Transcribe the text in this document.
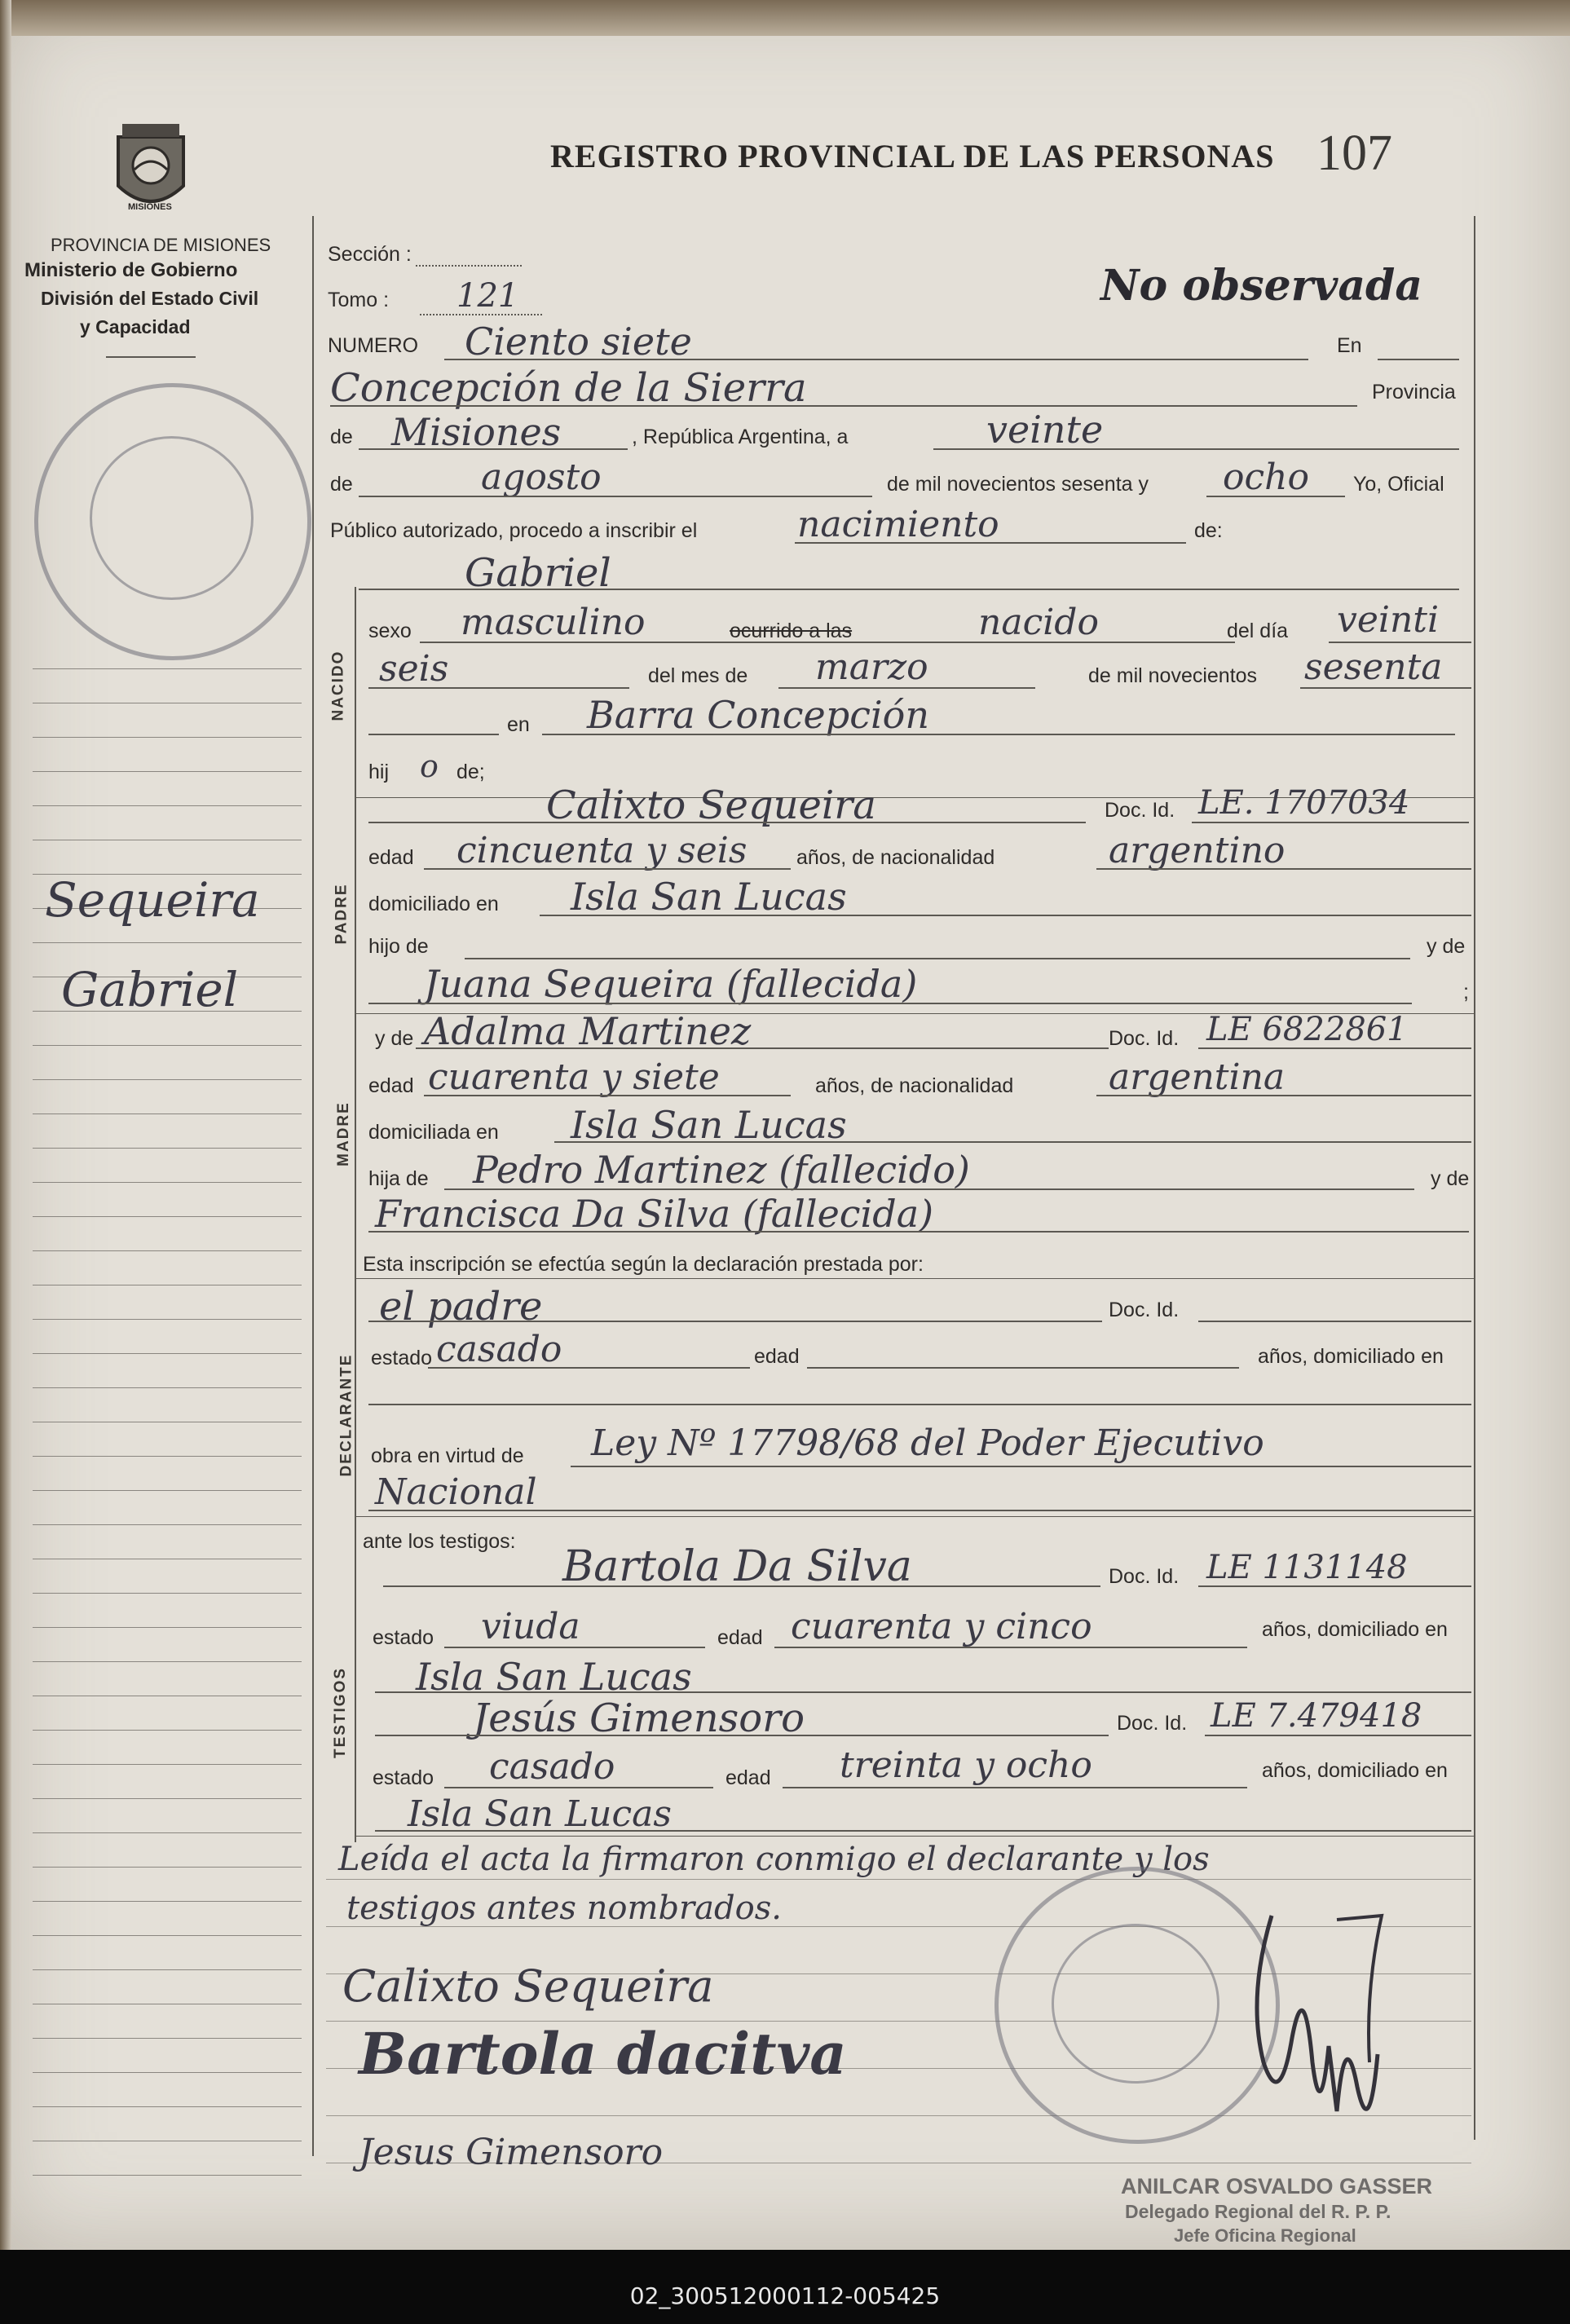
MISIONES
PROVINCIA DE MISIONES
Ministerio de Gobierno
División del Estado Civil
y Capacidad
Sequeira
Gabriel
REGISTRO PROVINCIAL DE LAS PERSONAS 107
No observada
NACIDO
PADRE
MADRE
DECLARANTE
TESTIGOS
Sección :
Tomo : 121
NUMERO Ciento siete	En
Concepción de la Sierra	Provincia
de Misiones	, República Argentina, a	veinte
de	agosto	de mil novecientos sesenta y ocho Yo, Oficial
Público autorizado, procedo a inscribir el	nacimiento	de:
Gabriel
sexo masculino	ocurrido a las	nacido	del día veinti
seis	del mes de marzo	de mil novecientos sesenta
en Barra Concepción
hij o de;
Calixto Sequeira	Doc. Id. LE. 1707034
edad cincuenta y seis años, de nacionalidad	argentino
domiciliado en Isla San Lucas
hijo de	y de
Juana Sequeira (fallecida)	;
y de Adalma Martinez	Doc. Id. LE 6822861
edad cuarenta y siete	años, de nacionalidad	argentina
domiciliada en Isla San Lucas
hija de Pedro Martinez (fallecido)	y de
Francisca Da Silva (fallecida)
Esta inscripción se efectúa según la declaración prestada por:
el padre	Doc. Id.
estado casado	edad	años, domiciliado en
obra en virtud de Ley Nº 17798/68 del Poder Ejecutivo
Nacional
ante los testigos:
Bartola Da Silva	Doc. Id. LE 1131148
estado viuda	edad cuarenta y cinco	años, domiciliado en
Isla San Lucas
Jesús Gimensoro	Doc. Id. LE 7.479418
estado casado	edad treinta y ocho	años, domiciliado en
Isla San Lucas
Leída el acta la firmaron conmigo el declarante y los
testigos antes nombrados.
Calixto Sequeira
Bartola dacitva
Jesus Gimensoro
ANILCAR OSVALDO GASSER
Delegado Regional del R. P. P.
Jefe Oficina Regional
02_300512000112-005425
